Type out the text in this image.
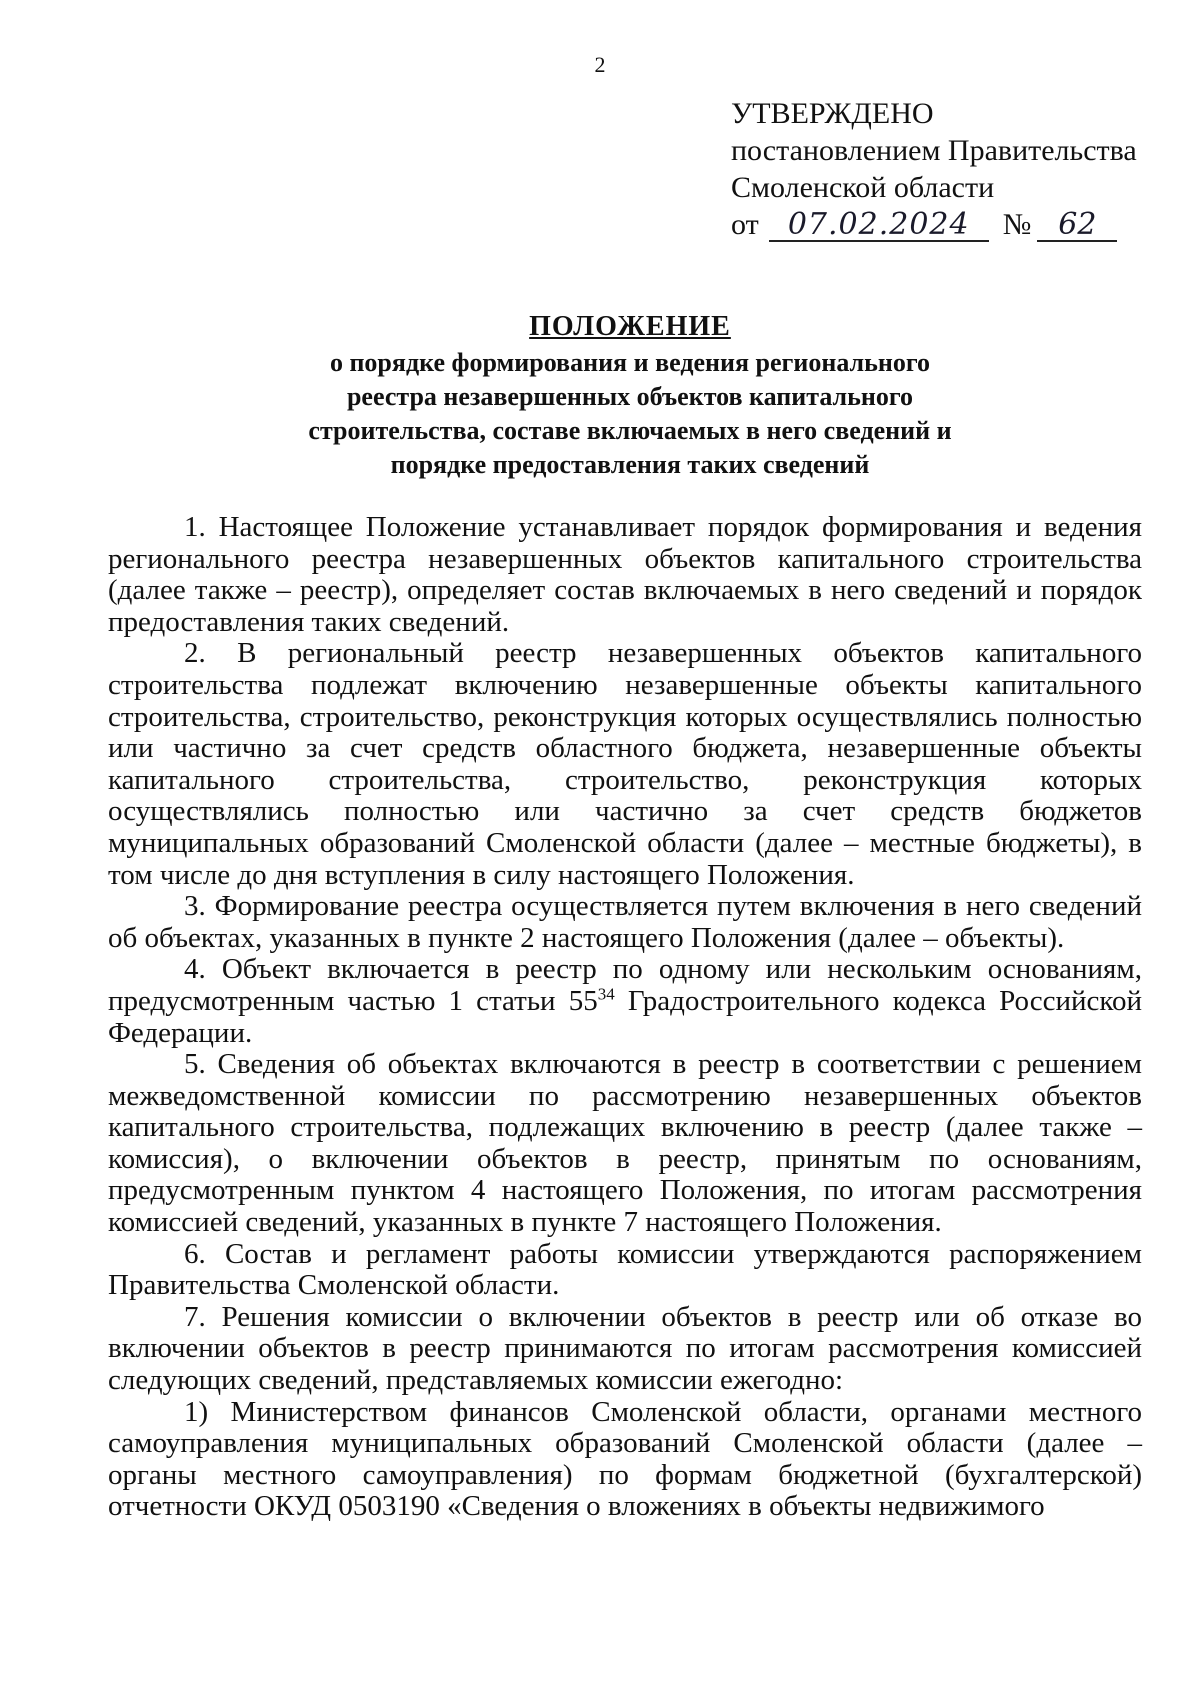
2
УТВЕРЖДЕНО
постановлением Правительства
Смоленской области
от 07.02.2024	№ 62
ПОЛОЖЕНИЕ
о порядке формирования и ведения регионального
реестра незавершенных объектов капитального
строительства, составе включаемых в него сведений и
порядке предоставления таких сведений

1. Настоящее Положение устанавливает порядок формирования и ведения регионального реестра незавершенных объектов капитального строительства (далее также – реестр), определяет состав включаемых в него сведений и порядок предоставления таких сведений.

2. В региональный реестр незавершенных объектов капитального строительства подлежат включению незавершенные объекты капитального строительства, строительство, реконструкция которых осуществлялись полностью или частично за счет средств областного бюджета, незавершенные объекты капитального строительства, строительство, реконструкция которых осуществлялись полностью или частично за счет средств бюджетов муниципальных образований Смоленской области (далее – местные бюджеты), в том числе до дня вступления в силу настоящего Положения.

3. Формирование реестра осуществляется путем включения в него сведений об объектах, указанных в пункте 2 настоящего Положения (далее – объекты).

4. Объект включается в реестр по одному или нескольким основаниям, предусмотренным частью 1 статьи $55^{34}$ Градостроительного кодекса Российской Федерации.

5. Сведения об объектах включаются в реестр в соответствии с решением межведомственной комиссии по рассмотрению незавершенных объектов капитального строительства, подлежащих включению в реестр (далее также – комиссия), о включении объектов в реестр, принятым по основаниям, предусмотренным пунктом 4 настоящего Положения, по итогам рассмотрения комиссией сведений, указанных в пункте 7 настоящего Положения.

6. Состав и регламент работы комиссии утверждаются распоряжением Правительства Смоленской области.

7. Решения комиссии о включении объектов в реестр или об отказе во включении объектов в реестр принимаются по итогам рассмотрения комиссией следующих сведений, представляемых комиссии ежегодно:

1) Министерством финансов Смоленской области, органами местного самоуправления муниципальных образований Смоленской области (далее – органы местного самоуправления) по формам бюджетной (бухгалтерской) отчетности ОКУД 0503190 «Сведения о вложениях в объекты недвижимого
